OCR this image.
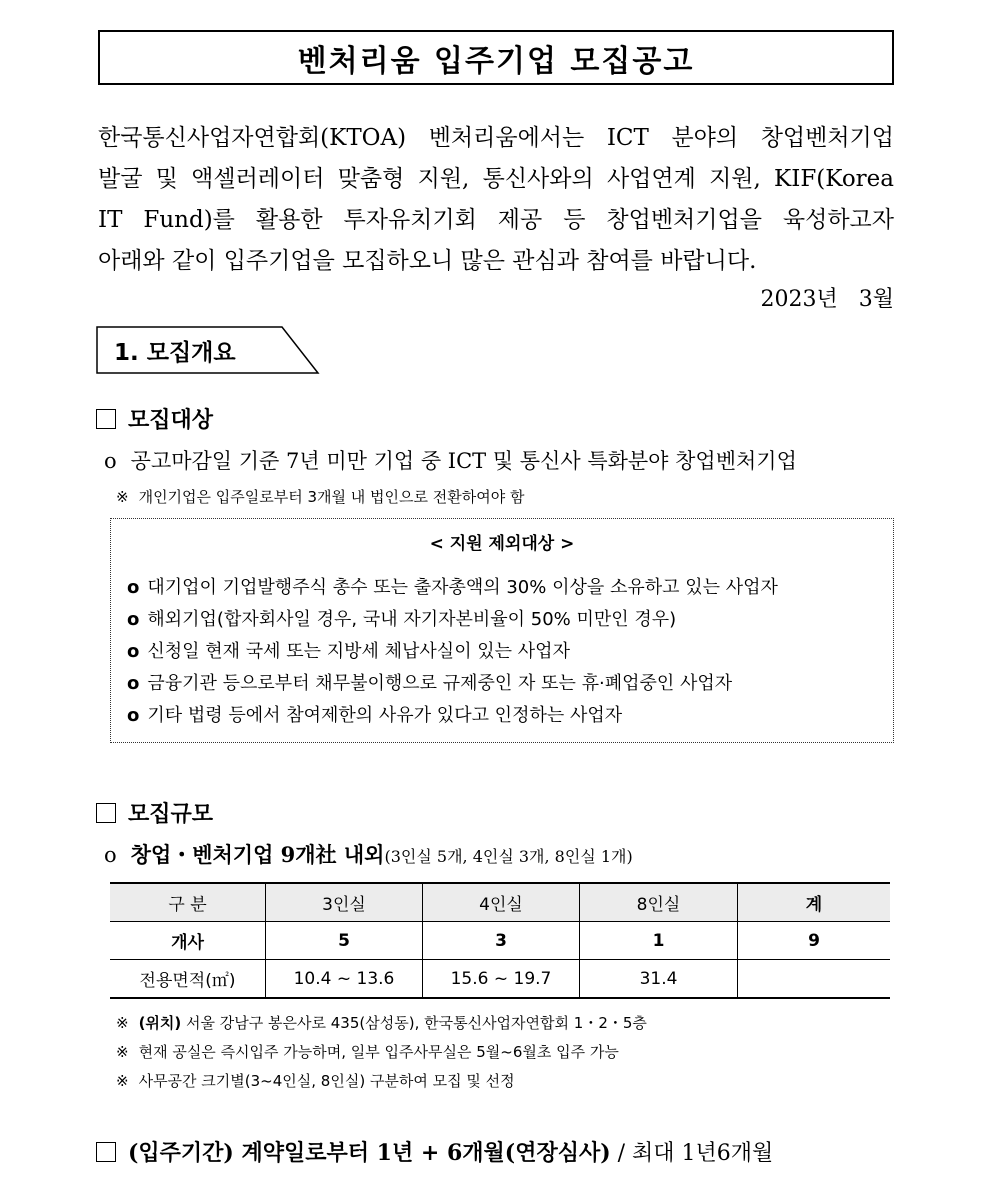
벤처리움 입주기업 모집공고
한국통신사업자연합회(KTOA) 벤처리움에서는 ICT 분야의 창업벤처기업
발굴 및 액셀러레이터 맞춤형 지원, 통신사와의 사업연계 지원, KIF(Korea
IT Fund)를 활용한 투자유치기회 제공 등 창업벤처기업을 육성하고자
아래와 같이 입주기업을 모집하오니 많은 관심과 참여를 바랍니다.
2023년   3월
1. 모집개요
모집대상
o 공고마감일 기준 7년 미만 기업 중 ICT 및 통신사 특화분야 창업벤처기업
※ 개인기업은 입주일로부터 3개월 내 법인으로 전환하여야 함
< 지원 제외대상 >
o 대기업이 기업발행주식 총수 또는 출자총액의 30% 이상을 소유하고 있는 사업자
o 해외기업(합자회사일 경우, 국내 자기자본비율이 50% 미만인 경우)
o 신청일 현재 국세 또는 지방세 체납사실이 있는 사업자
o 금융기관 등으로부터 채무불이행으로 규제중인 자 또는 휴·폐업중인 사업자
o 기타 법령 등에서 참여제한의 사유가 있다고 인정하는 사업자
모집규모
o 창업・벤처기업 9개社 내외(3인실 5개, 4인실 3개, 8인실 1개)
구 분	3인실	4인실	8인실	계
개사	5	3	1	9
전용면적(㎡)	10.4 ~ 13.6	15.6 ~ 19.7	31.4	
※ (위치) 서울 강남구 봉은사로 435(삼성동), 한국통신사업자연합회 1・2・5층
※ 현재 공실은 즉시입주 가능하며, 일부 입주사무실은 5월~6월초 입주 가능
※ 사무공간 크기별(3~4인실, 8인실) 구분하여 모집 및 선정
(입주기간) 계약일로부터 1년 + 6개월(연장심사) / 최대 1년6개월
